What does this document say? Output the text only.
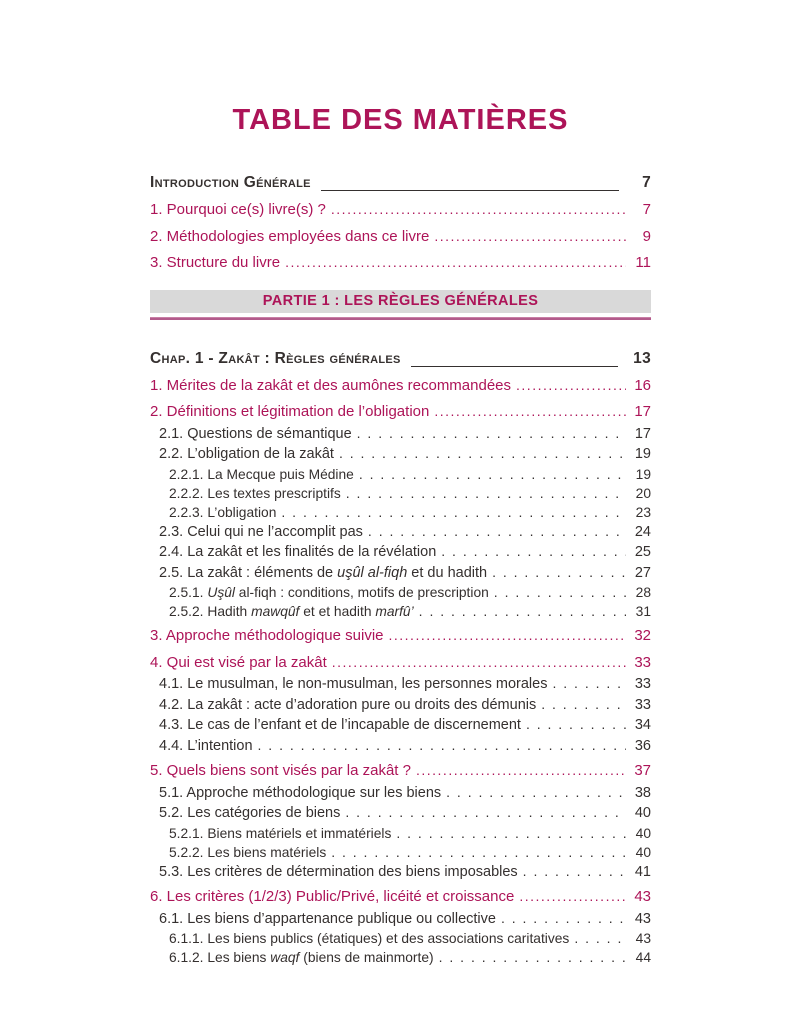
TABLE DES MATIÈRES
Introduction Générale	7
1. Pourquoi ce(s) livre(s) ? .....	7
2. Méthodologies employées dans ce livre .....	9
3. Structure du livre .....	11
PARTIE 1 : LES RÈGLES GÉNÉRALES
Chap. 1 - Zakât : Règles générales	13
1. Mérites de la zakât et des aumônes recommandées .....	16
2. Définitions et légitimation de l’obligation .....	17
2.1. Questions de sémantique . . .	17
2.2. L’obligation de la zakât . . .	19
2.2.1. La Mecque puis Médine . . .	19
2.2.2. Les textes prescriptifs . . .	20
2.2.3. L’obligation . . .	23
2.3. Celui qui ne l’accomplit pas . . .	24
2.4. La zakât et les finalités de la révélation . . .	25
2.5. La zakât : éléments de uşûl al-fiqh et du hadith . . .	27
2.5.1. Uşûl al-fiqh : conditions, motifs de prescription . . .	28
2.5.2. Hadith mawqûf et et hadith marfû’ . . .	31
3. Approche méthodologique suivie .....	32
4. Qui est visé par la zakât .....	33
4.1. Le musulman, le non-musulman, les personnes morales . . .	33
4.2. La zakât : acte d’adoration pure ou droits des démunis . . .	33
4.3. Le cas de l’enfant et de l’incapable de discernement . . .	34
4.4. L’intention . . .	36
5. Quels biens sont visés par la zakât ? .....	37
5.1. Approche méthodologique sur les biens . . .	38
5.2. Les catégories de biens . . .	40
5.2.1. Biens matériels et immatériels . . .	40
5.2.2. Les biens matériels . . .	40
5.3. Les critères de détermination des biens imposables . . .	41
6. Les critères (1/2/3) Public/Privé, licéité et croissance .....	43
6.1. Les biens d’appartenance publique ou collective . . .	43
6.1.1. Les biens publics (étatiques) et des associations caritatives . . .	43
6.1.2. Les biens waqf (biens de mainmorte) . . .	44
